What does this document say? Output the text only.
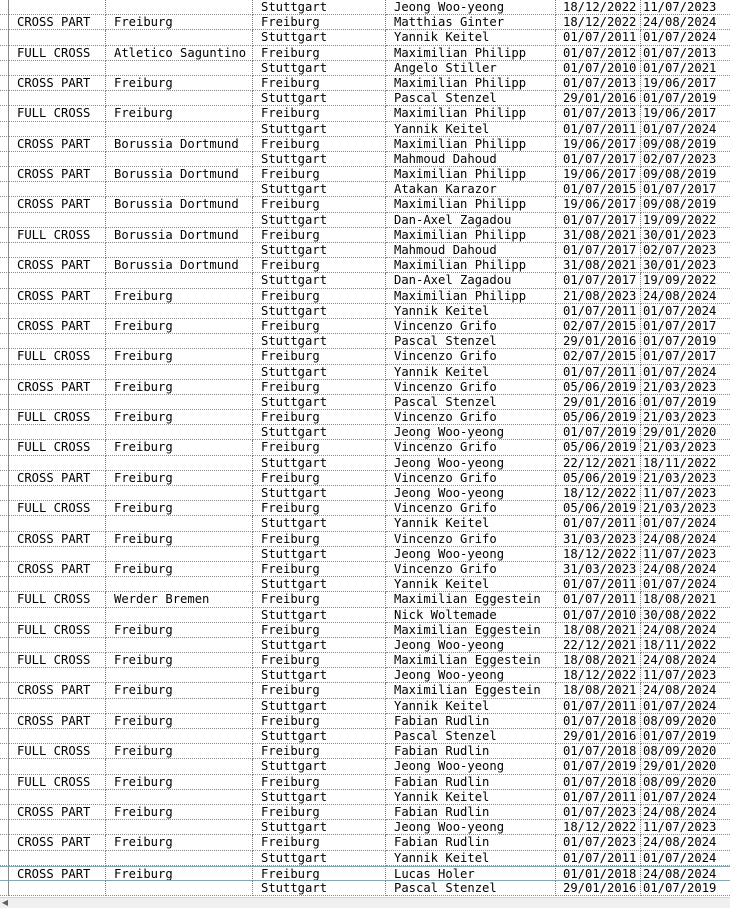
Stuttgart	Jeong Woo-yeong	18/12/2022 11/07/2023
CROSS PART	Freiburg	Freiburg	Matthias Ginter	18/12/2022 24/08/2024
Stuttgart	Yannik Keitel	01/07/2011 01/07/2024
FULL CROSS	Atletico Saguntino	Freiburg	Maximilian Philipp	01/07/2012 01/07/2013
Stuttgart	Angelo Stiller	01/07/2010 01/07/2021
CROSS PART	Freiburg	Freiburg	Maximilian Philipp	01/07/2013 19/06/2017
Stuttgart	Pascal Stenzel	29/01/2016 01/07/2019
FULL CROSS	Freiburg	Freiburg	Maximilian Philipp	01/07/2013 19/06/2017
Stuttgart	Yannik Keitel	01/07/2011 01/07/2024
CROSS PART	Borussia Dortmund	Freiburg	Maximilian Philipp	19/06/2017 09/08/2019
Stuttgart	Mahmoud Dahoud	01/07/2017 02/07/2023
CROSS PART	Borussia Dortmund	Freiburg	Maximilian Philipp	19/06/2017 09/08/2019
Stuttgart	Atakan Karazor	01/07/2015 01/07/2017
CROSS PART	Borussia Dortmund	Freiburg	Maximilian Philipp	19/06/2017 09/08/2019
Stuttgart	Dan-Axel Zagadou	01/07/2017 19/09/2022
FULL CROSS	Borussia Dortmund	Freiburg	Maximilian Philipp	31/08/2021 30/01/2023
Stuttgart	Mahmoud Dahoud	01/07/2017 02/07/2023
CROSS PART	Borussia Dortmund	Freiburg	Maximilian Philipp	31/08/2021 30/01/2023
Stuttgart	Dan-Axel Zagadou	01/07/2017 19/09/2022
CROSS PART	Freiburg	Freiburg	Maximilian Philipp	21/08/2023 24/08/2024
Stuttgart	Yannik Keitel	01/07/2011 01/07/2024
CROSS PART	Freiburg	Freiburg	Vincenzo Grifo	02/07/2015 01/07/2017
Stuttgart	Pascal Stenzel	29/01/2016 01/07/2019
FULL CROSS	Freiburg	Freiburg	Vincenzo Grifo	02/07/2015 01/07/2017
Stuttgart	Yannik Keitel	01/07/2011 01/07/2024
CROSS PART	Freiburg	Freiburg	Vincenzo Grifo	05/06/2019 21/03/2023
Stuttgart	Pascal Stenzel	29/01/2016 01/07/2019
FULL CROSS	Freiburg	Freiburg	Vincenzo Grifo	05/06/2019 21/03/2023
Stuttgart	Jeong Woo-yeong	01/07/2019 29/01/2020
FULL CROSS	Freiburg	Freiburg	Vincenzo Grifo	05/06/2019 21/03/2023
Stuttgart	Jeong Woo-yeong	22/12/2021 18/11/2022
CROSS PART	Freiburg	Freiburg	Vincenzo Grifo	05/06/2019 21/03/2023
Stuttgart	Jeong Woo-yeong	18/12/2022 11/07/2023
FULL CROSS	Freiburg	Freiburg	Vincenzo Grifo	05/06/2019 21/03/2023
Stuttgart	Yannik Keitel	01/07/2011 01/07/2024
CROSS PART	Freiburg	Freiburg	Vincenzo Grifo	31/03/2023 24/08/2024
Stuttgart	Jeong Woo-yeong	18/12/2022 11/07/2023
CROSS PART	Freiburg	Freiburg	Vincenzo Grifo	31/03/2023 24/08/2024
Stuttgart	Yannik Keitel	01/07/2011 01/07/2024
FULL CROSS	Werder Bremen	Freiburg	Maximilian Eggestein	01/07/2011 18/08/2021
Stuttgart	Nick Woltemade	01/07/2010 30/08/2022
FULL CROSS	Freiburg	Freiburg	Maximilian Eggestein	18/08/2021 24/08/2024
Stuttgart	Jeong Woo-yeong	22/12/2021 18/11/2022
FULL CROSS	Freiburg	Freiburg	Maximilian Eggestein	18/08/2021 24/08/2024
Stuttgart	Jeong Woo-yeong	18/12/2022 11/07/2023
CROSS PART	Freiburg	Freiburg	Maximilian Eggestein	18/08/2021 24/08/2024
Stuttgart	Yannik Keitel	01/07/2011 01/07/2024
CROSS PART	Freiburg	Freiburg	Fabian Rudlin	01/07/2018 08/09/2020
Stuttgart	Pascal Stenzel	29/01/2016 01/07/2019
FULL CROSS	Freiburg	Freiburg	Fabian Rudlin	01/07/2018 08/09/2020
Stuttgart	Jeong Woo-yeong	01/07/2019 29/01/2020
FULL CROSS	Freiburg	Freiburg	Fabian Rudlin	01/07/2018 08/09/2020
Stuttgart	Yannik Keitel	01/07/2011 01/07/2024
CROSS PART	Freiburg	Freiburg	Fabian Rudlin	01/07/2023 24/08/2024
Stuttgart	Jeong Woo-yeong	18/12/2022 11/07/2023
CROSS PART	Freiburg	Freiburg	Fabian Rudlin	01/07/2023 24/08/2024
Stuttgart	Yannik Keitel	01/07/2011 01/07/2024
CROSS PART	Freiburg	Freiburg	Lucas Holer	01/01/2018 24/08/2024
Stuttgart	Pascal Stenzel	29/01/2016 01/07/2019
◀
